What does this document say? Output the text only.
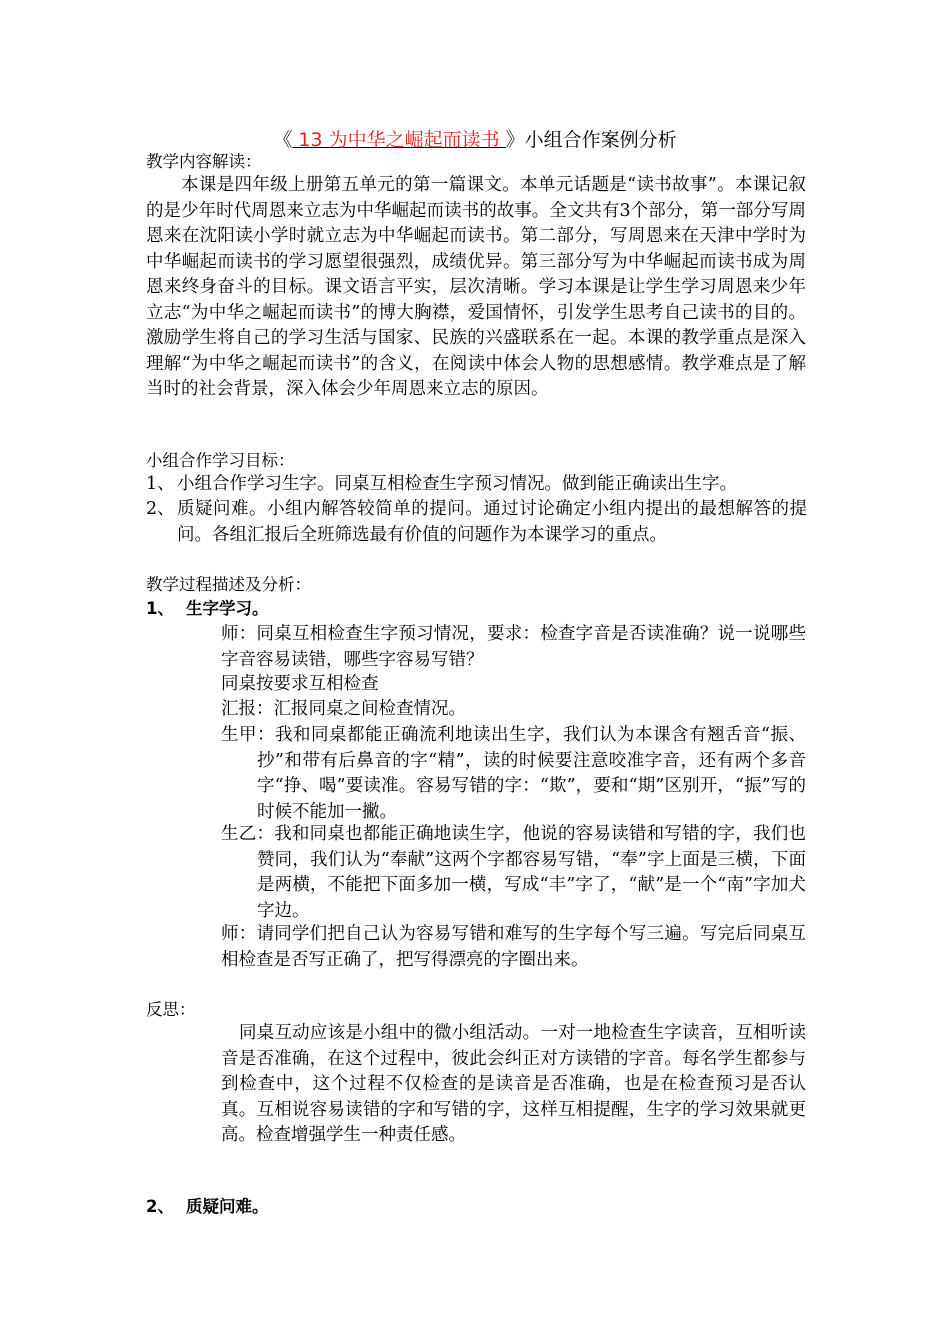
《 13 为中华之崛起而读书 》小组合作案例分析
教学内容解读：
本课是四年级上册第五单元的第一篇课文。本单元话题是“读书故事”。本课记叙的是少年时代周恩来立志为中华崛起而读书的故事。全文共有3个部分，第一部分写周恩来在沈阳读小学时就立志为中华崛起而读书。第二部分，写周恩来在天津中学时为中华崛起而读书的学习愿望很强烈，成绩优异。第三部分写为中华崛起而读书成为周恩来终身奋斗的目标。课文语言平实，层次清晰。学习本课是让学生学习周恩来少年立志“为中华之崛起而读书”的博大胸襟，爱国情怀，引发学生思考自己读书的目的。激励学生将自己的学习生活与国家、民族的兴盛联系在一起。本课的教学重点是深入理解“为中华之崛起而读书”的含义，在阅读中体会人物的思想感情。教学难点是了解当时的社会背景，深入体会少年周恩来立志的原因。
小组合作学习目标：
1、 小组合作学习生字。同桌互相检查生字预习情况。做到能正确读出生字。
2、 质疑问难。小组内解答较简单的提问。通过讨论确定小组内提出的最想解答的提问。各组汇报后全班筛选最有价值的问题作为本课学习的重点。
教学过程描述及分析：
1、 生字学习。
师：同桌互相检查生字预习情况，要求：检查字音是否读准确？说一说哪些字音容易读错，哪些字容易写错？
同桌按要求互相检查
汇报：汇报同桌之间检查情况。
生甲：我和同桌都能正确流利地读出生字，我们认为本课含有翘舌音“振、抄”和带有后鼻音的字“精”，读的时候要注意咬准字音，还有两个多音字“挣、喝”要读准。容易写错的字：“欺”，要和“期”区别开，“振”写的时候不能加一撇。
生乙：我和同桌也都能正确地读生字，他说的容易读错和写错的字，我们也赞同，我们认为“奉献”这两个字都容易写错，“奉”字上面是三横，下面是两横，不能把下面多加一横，写成“丰”字了，“献”是一个“南”字加犬字边。
师：请同学们把自己认为容易写错和难写的生字每个写三遍。写完后同桌互相检查是否写正确了，把写得漂亮的字圈出来。
反思：
同桌互动应该是小组中的微小组活动。一对一地检查生字读音，互相听读音是否准确，在这个过程中，彼此会纠正对方读错的字音。每名学生都参与到检查中，这个过程不仅检查的是读音是否准确，也是在检查预习是否认真。互相说容易读错的字和写错的字，这样互相提醒，生字的学习效果就更高。检查增强学生一种责任感。
2、 质疑问难。
